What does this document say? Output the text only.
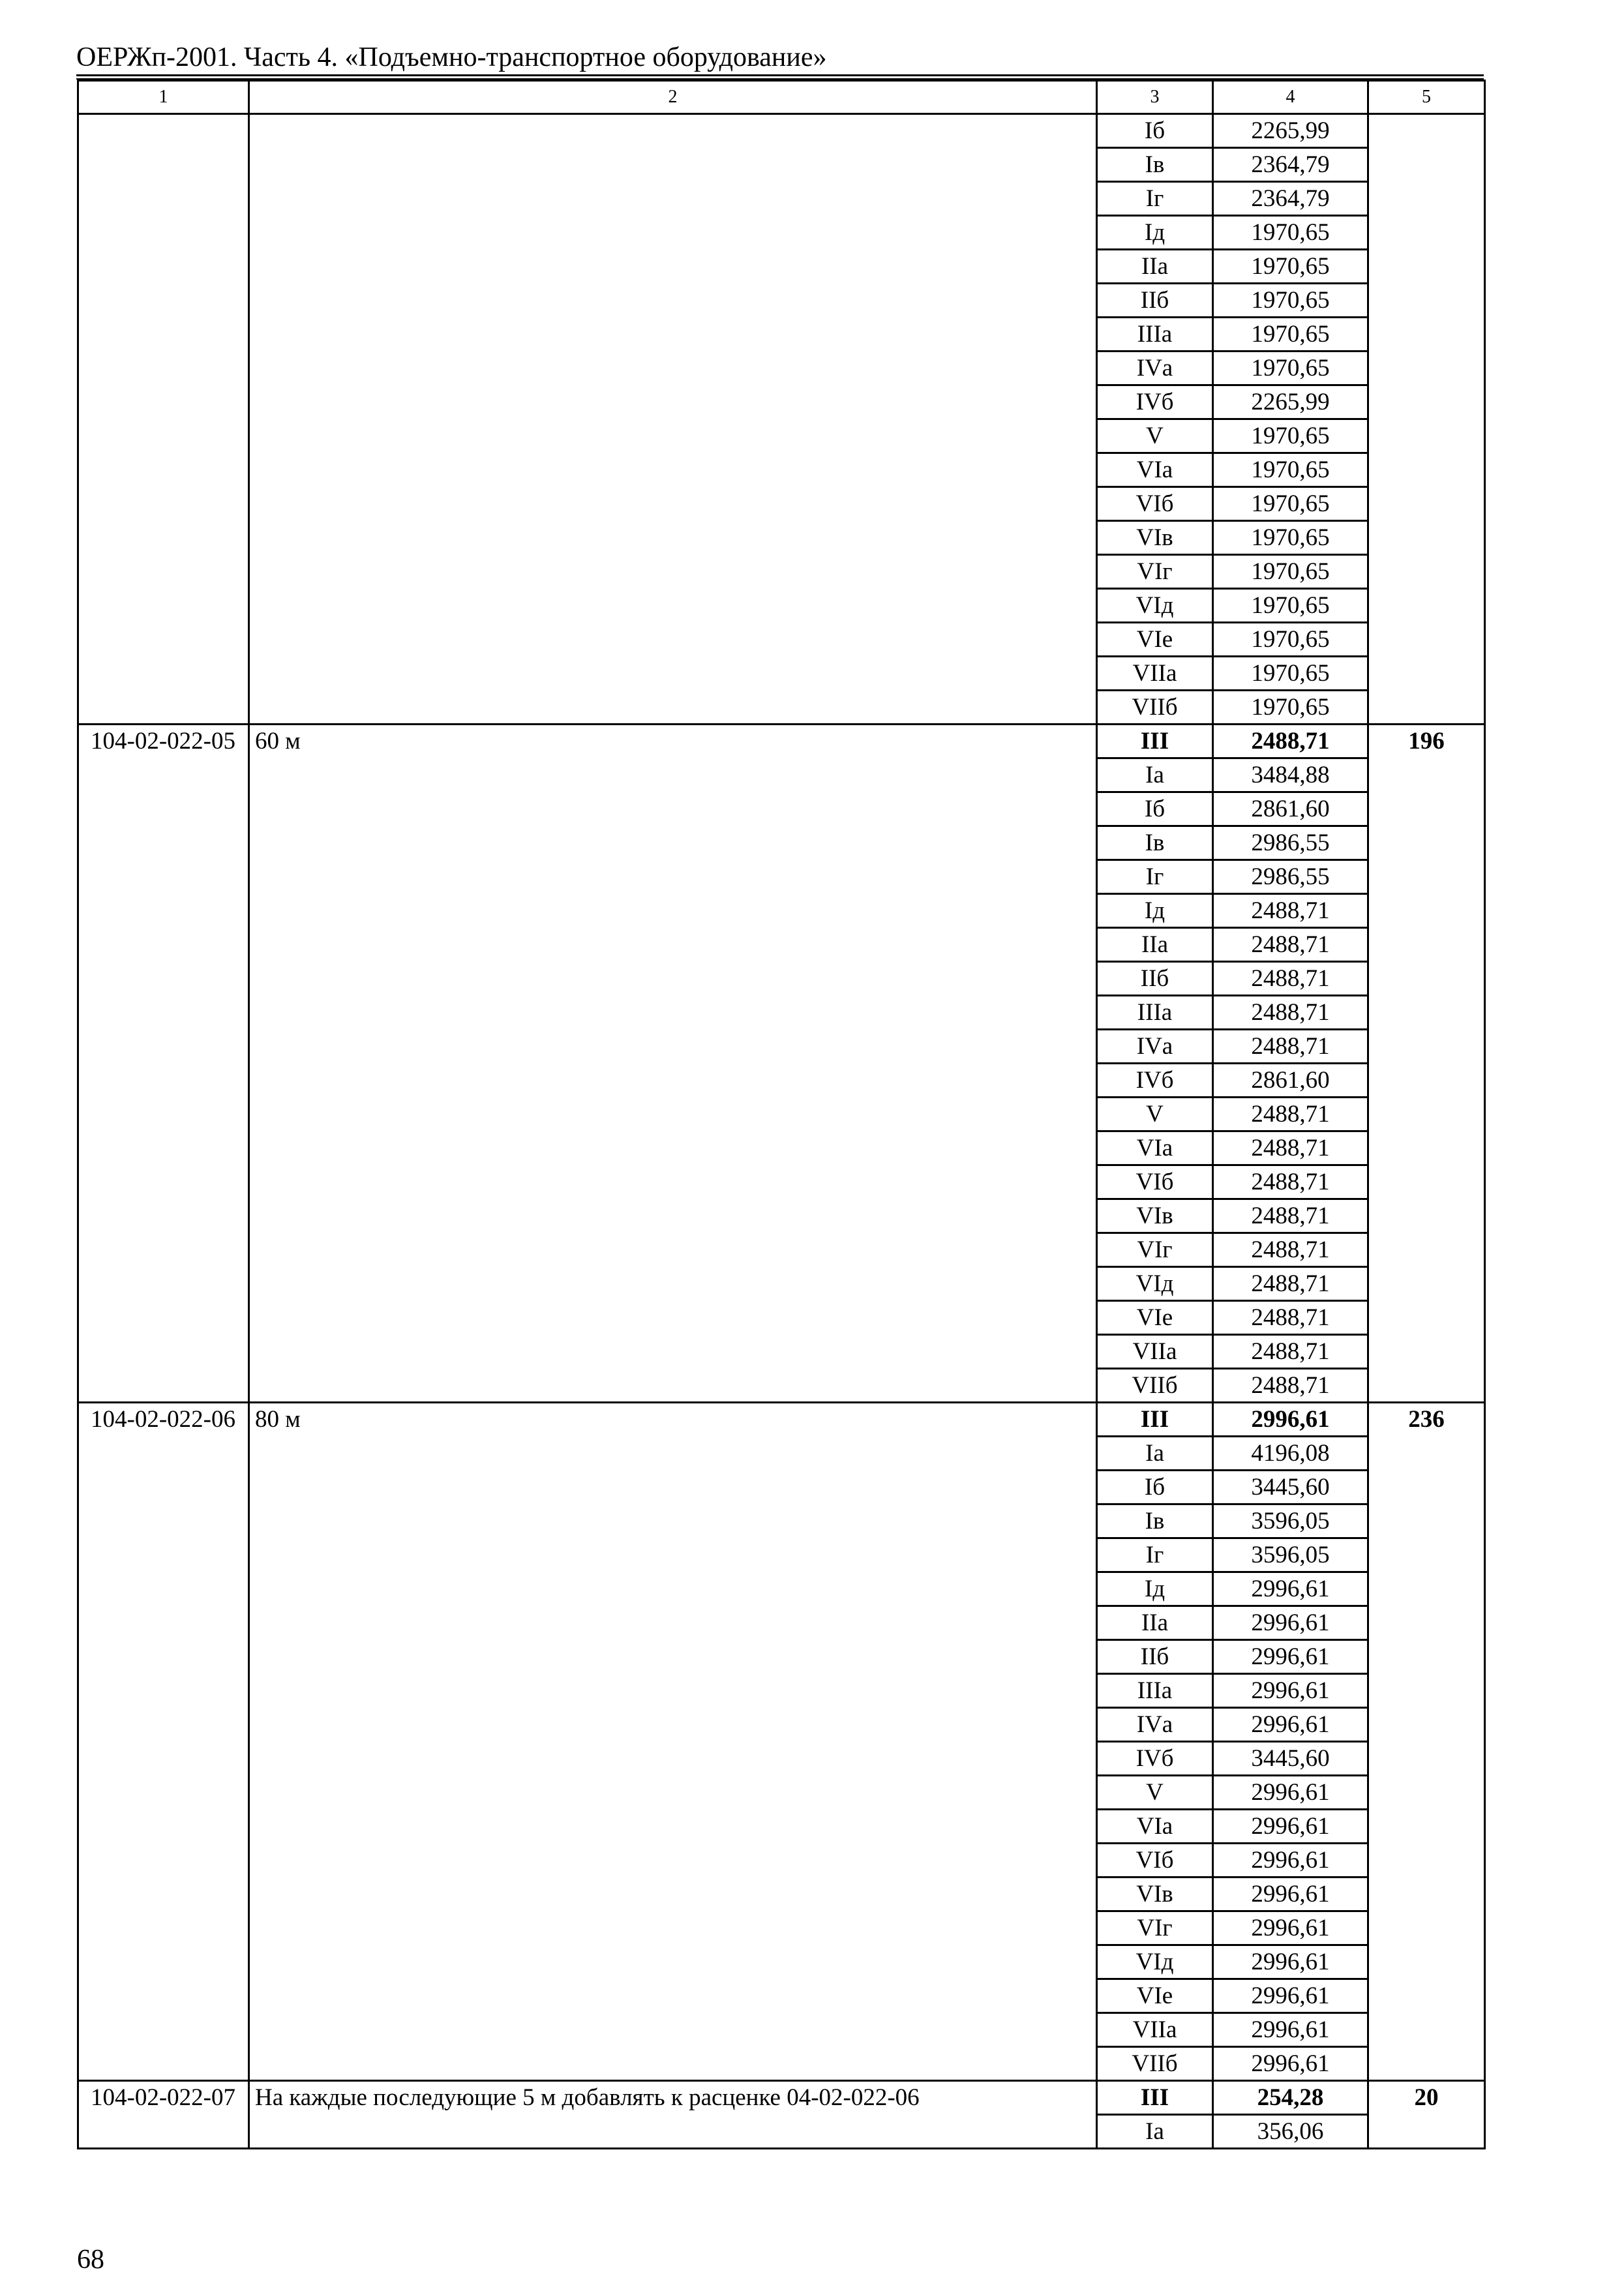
ОЕРЖп-2001. Часть 4. «Подъемно-транспортное оборудование»
1	2	3	4	5
		Iб	2265,99	
		Iв	2364,79	
		Iг	2364,79	
		Iд	1970,65	
		IIа	1970,65	
		IIб	1970,65	
		IIIа	1970,65	
		IVа	1970,65	
		IVб	2265,99	
		V	1970,65	
		VIа	1970,65	
		VIб	1970,65	
		VIв	1970,65	
		VIг	1970,65	
		VIд	1970,65	
		VIе	1970,65	
		VIIа	1970,65	
		VIIб	1970,65	
104-02-022-05	60 м	III	2488,71	196
		Iа	3484,88	
		Iб	2861,60	
		Iв	2986,55	
		Iг	2986,55	
		Iд	2488,71	
		IIа	2488,71	
		IIб	2488,71	
		IIIа	2488,71	
		IVа	2488,71	
		IVб	2861,60	
		V	2488,71	
		VIа	2488,71	
		VIб	2488,71	
		VIв	2488,71	
		VIг	2488,71	
		VIд	2488,71	
		VIе	2488,71	
		VIIа	2488,71	
		VIIб	2488,71	
104-02-022-06	80 м	III	2996,61	236
		Iа	4196,08	
		Iб	3445,60	
		Iв	3596,05	
		Iг	3596,05	
		Iд	2996,61	
		IIа	2996,61	
		IIб	2996,61	
		IIIа	2996,61	
		IVа	2996,61	
		IVб	3445,60	
		V	2996,61	
		VIа	2996,61	
		VIб	2996,61	
		VIв	2996,61	
		VIг	2996,61	
		VIд	2996,61	
		VIе	2996,61	
		VIIа	2996,61	
		VIIб	2996,61	
104-02-022-07	На каждые последующие 5 м добавлять к расценке 04-02-022-06	III	254,28	20
		Iа	356,06	
68
